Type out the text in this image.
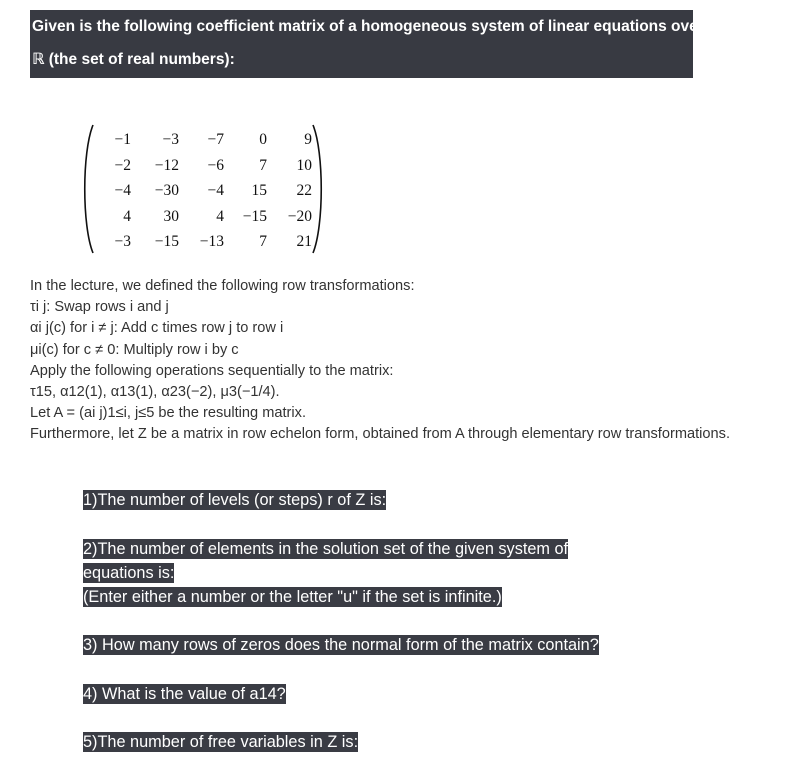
Given is the following coefficient matrix of a homogeneous system of linear equations over
ℝ (the set of real numbers):
−1	−3	−7	0	9
−2	−12	−6	7	10
−4	−30	−4	15	22
4	30	4	−15	−20
−3	−15	−13	7	21

In the lecture, we defined the following row transformations:

τi j: Swap rows i and j

αi j(c) for i ≠ j: Add c times row j to row i

μi(c) for c ≠ 0: Multiply row i by c

Apply the following operations sequentially to the matrix:

τ15, α12(1), α13(1), α23(−2), μ3(−1/4).

Let A = (ai j)1≤i, j≤5 be the resulting matrix.

Furthermore, let Z be a matrix in row echelon form, obtained from A through elementary row transformations.

1)The number of levels (or steps) r of Z is:
2)The number of elements in the solution set of the given system of
equations is:
(Enter either a number or the letter "u" if the set is infinite.)
3) How many rows of zeros does the normal form of the matrix contain?
4) What is the value of a14?
5)The number of free variables in Z is:
